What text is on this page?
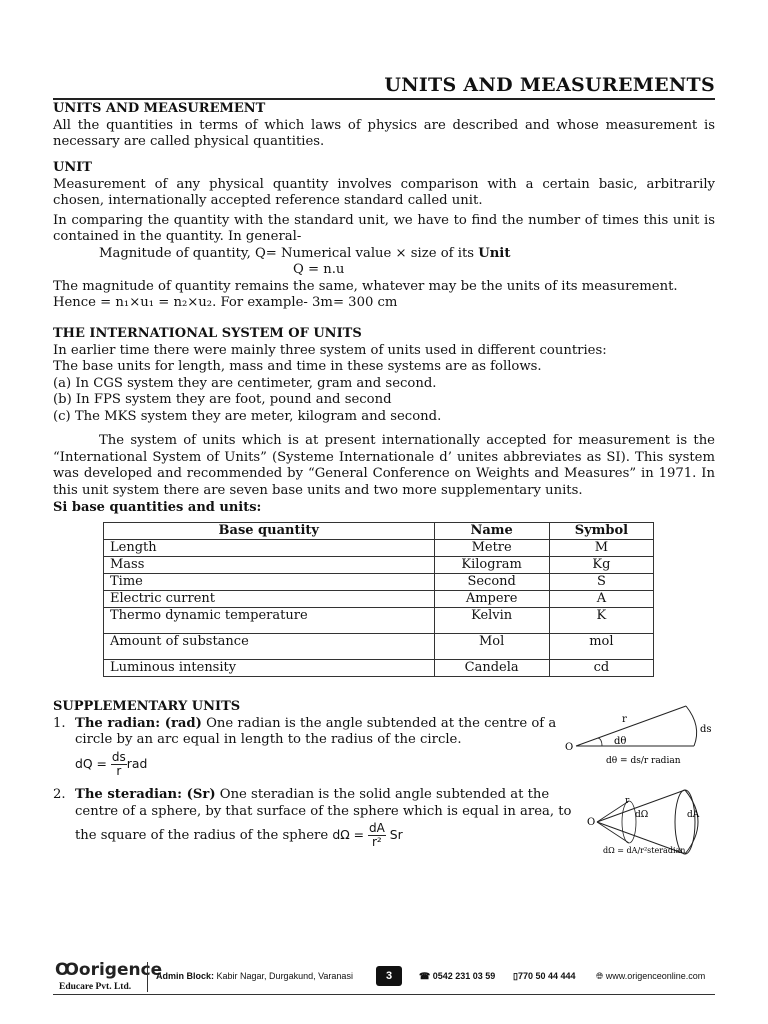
UNITS AND MEASUREMENTS
UNITS AND MEASUREMENT
All the quantities in terms of which laws of physics are described and whose measurement is necessary are called physical quantities.
UNIT
Measurement of any physical quantity involves comparison with a certain basic, arbitrarily chosen, internationally accepted reference standard called unit.
In comparing the quantity with the standard unit, we have to find the number of times this unit is contained in the quantity. In general-
Magnitude of quantity, Q= Numerical value × size of its Unit
Q = n.u
The magnitude of quantity remains the same, whatever may be the units of its measurement.
Hence = n₁×u₁ = n₂×u₂. For example- 3m= 300 cm
THE INTERNATIONAL SYSTEM OF UNITS
In earlier time there were mainly three system of units used in different countries:
The base units for length, mass and time in these systems are as follows.
(a) In CGS system they are centimeter, gram and second.
(b) In FPS system they are foot, pound and second
(c) The MKS system they are meter, kilogram and second.
The system of units which is at present internationally accepted for measurement is the “International System of Units” (Systeme Internationale d’ unites abbreviates as SI). This system was developed and recommended by “General Conference on Weights and Measures” in 1971. In this unit system there are seven base units and two more supplementary units.
Si base quantities and units:
Base quantity	Name	Symbol
Length	Metre	M
Mass	Kilogram	Kg
Time	Second	S
Electric current	Ampere	A
Thermo dynamic temperature	Kelvin	K
Amount of substance	Mol	mol
Luminous intensity	Candela	cd
SUPPLEMENTARY UNITS
1. The radian: (rad) One radian is the angle subtended at the centre of a
circle by an arc equal in length to the radius of the circle.
dQ = $\frac{ds}{r}$ rad
2. The steradian: (Sr) One steradian is the solid angle subtended at the
centre of a sphere, by that surface of the sphere which is equal in area, to
the square of the radius of the sphere $d\Omega = \frac{dA}{\text{r²}}$ Sr
O
r
ds
dθ
dθ = ds/r radian
O
r
dΩ	dA
dΩ = dA/r²steradian
Ꝏorigence
Educare Pvt. Ltd.
Admin Block: Kabir Nagar, Durgakund, Varanasi	3	☎ 0542 231 03 59 ▯770 50 44 444 🌐︎ www.origenceonline.com
